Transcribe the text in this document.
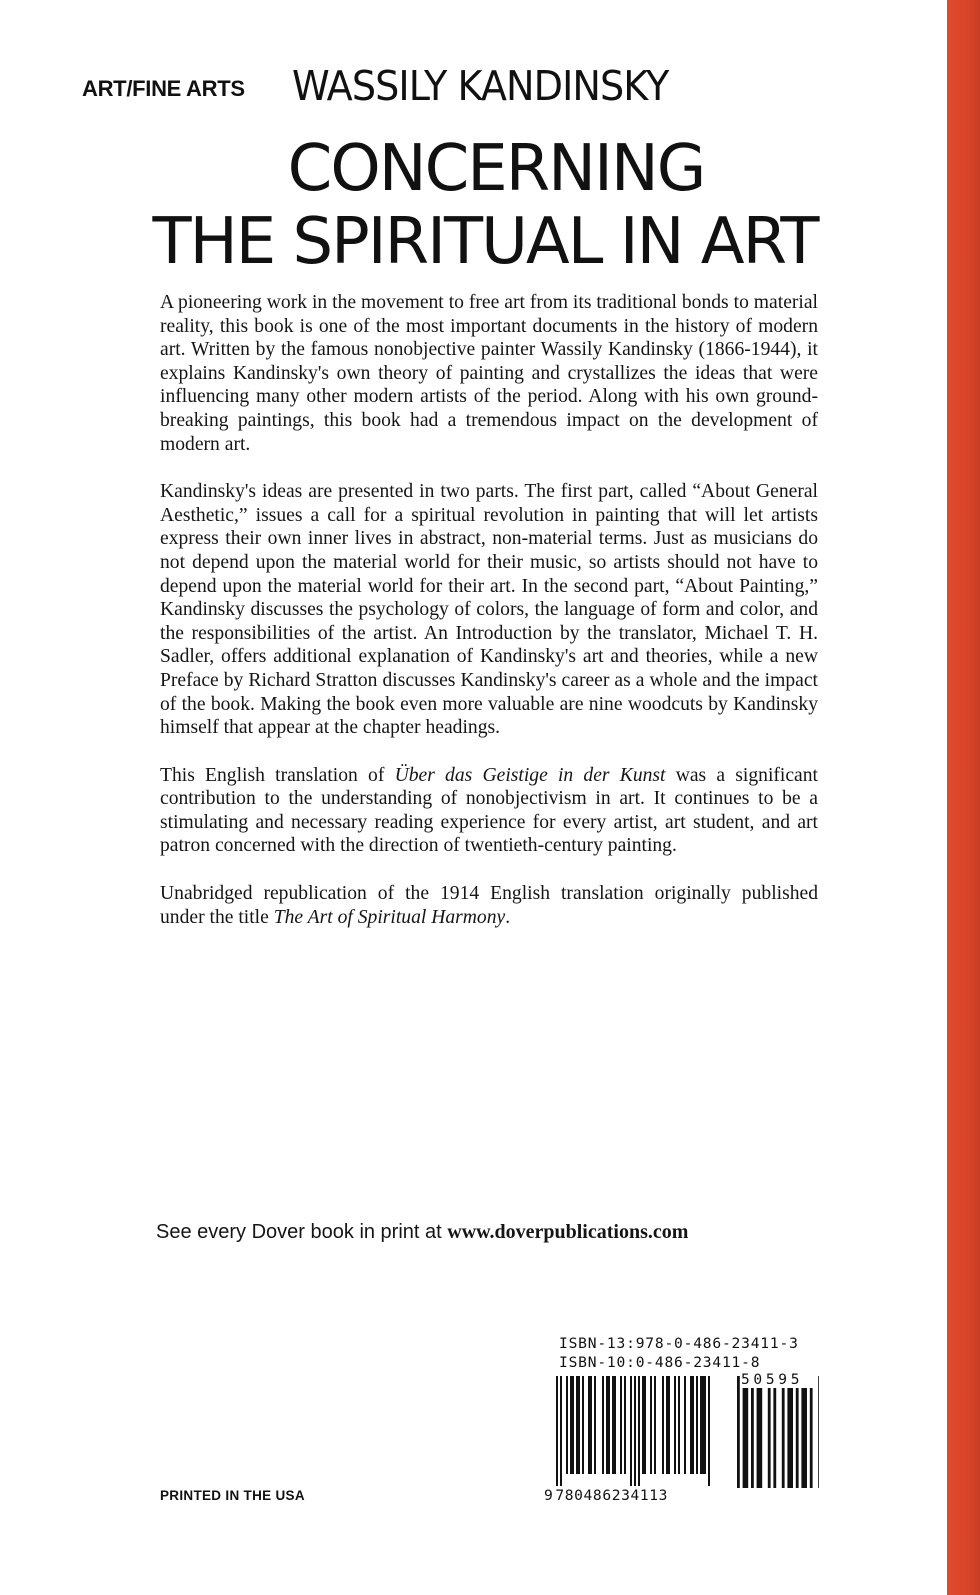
ART/FINE ARTS WASSILY KANDINSKY
CONCERNING
THE SPIRITUAL IN ART

A pioneering work in the movement to free art from its traditional bonds to material reality, this book is one of the most important documents in the history of modern art. Written by the famous nonobjective painter Wassily Kandinsky (1866-1944), it explains Kandinsky's own theory of painting and crystallizes the ideas that were influencing many other modern artists of the period. Along with his own ground-breaking paintings, this book had a tremendous impact on the development of modern art.

Kandinsky's ideas are presented in two parts. The first part, called “About General Aesthetic,” issues a call for a spiritual revolution in painting that will let artists express their own inner lives in abstract, non-material terms. Just as musicians do not depend upon the material world for their music, so artists should not have to depend upon the material world for their art. In the second part, “About Painting,” Kandinsky discusses the psychology of colors, the language of form and color, and the responsibilities of the artist. An Introduction by the translator, Michael T. H. Sadler, offers additional explanation of Kandinsky's art and theories, while a new Preface by Richard Stratton discusses Kandinsky's career as a whole and the impact of the book. Making the book even more valuable are nine woodcuts by Kandinsky himself that appear at the chapter headings.

This English translation of Über das Geistige in der Kunst was a significant contribution to the understanding of nonobjectivism in art. It continues to be a stimulating and necessary reading experience for every artist, art student, and art patron concerned with the direction of twentieth-century painting.

Unabridged republication of the 1914 English translation originally published under the title The Art of Spiritual Harmony.

See every Dover book in print at www.doverpublications.com
PRINTED IN THE USA
ISBN-13:978-0-486-23411-3
ISBN-10:0-486-23411-8
50595
9 780486234113
